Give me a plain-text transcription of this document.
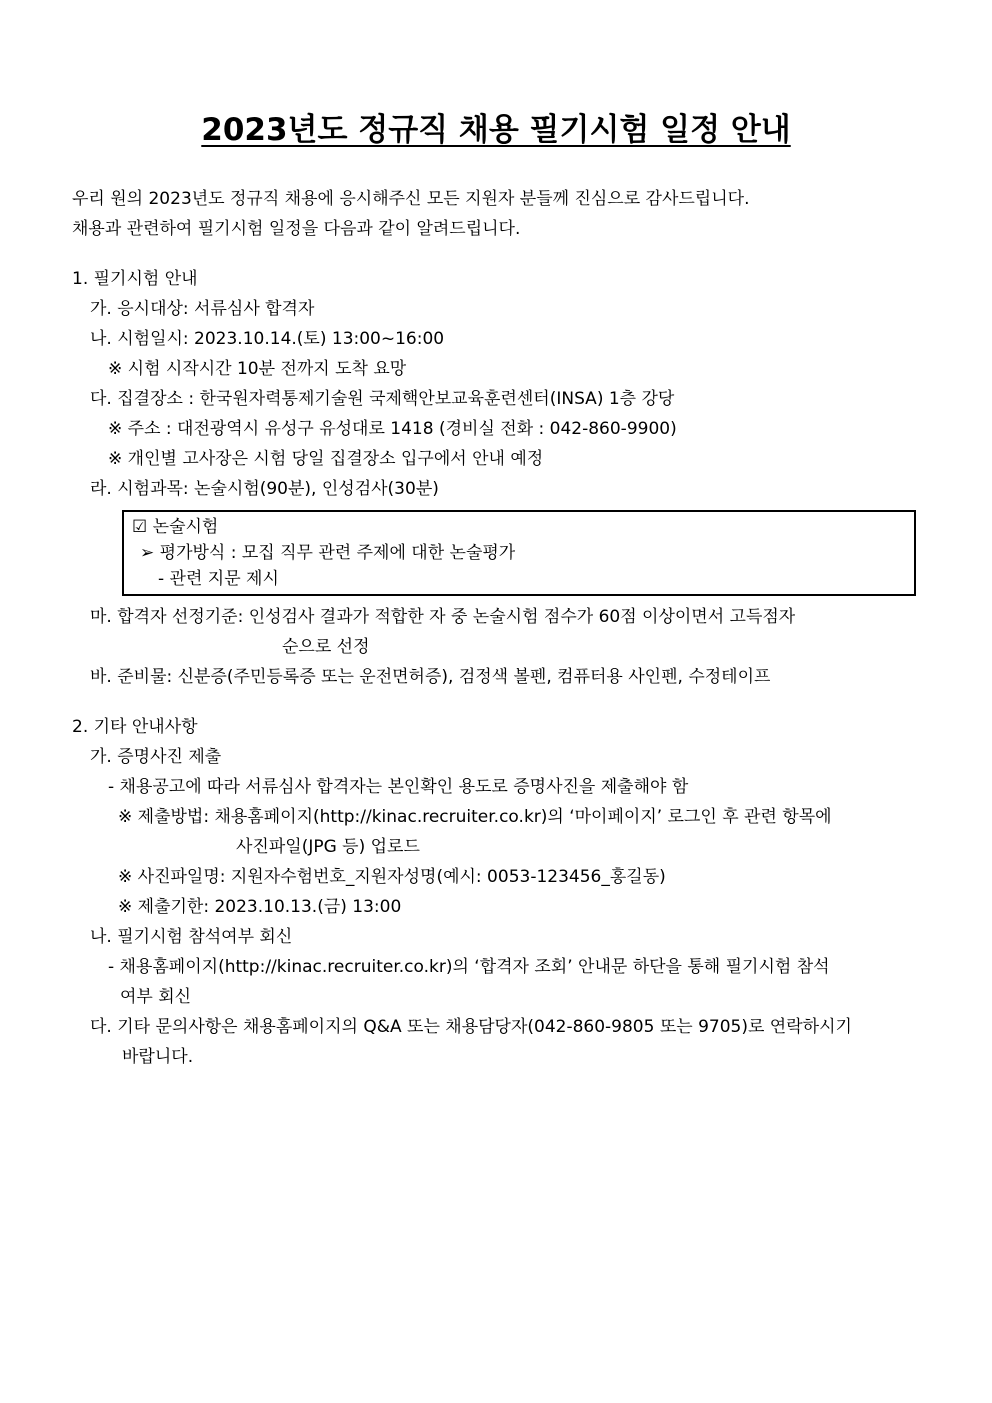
2023년도 정규직 채용 필기시험 일정 안내
우리 원의 2023년도 정규직 채용에 응시해주신 모든 지원자 분들께 진심으로 감사드립니다.
채용과 관련하여 필기시험 일정을 다음과 같이 알려드립니다.
1. 필기시험 안내
가. 응시대상: 서류심사 합격자
나. 시험일시: 2023.10.14.(토) 13:00~16:00
※ 시험 시작시간 10분 전까지 도착 요망
다. 집결장소 : 한국원자력통제기술원 국제핵안보교육훈련센터(INSA) 1층 강당
※ 주소 : 대전광역시 유성구 유성대로 1418 (경비실 전화 : 042-860-9900)
※ 개인별 고사장은 시험 당일 집결장소 입구에서 안내 예정
라. 시험과목: 논술시험(90분), 인성검사(30분)
☑ 논술시험
➢ 평가방식 : 모집 직무 관련 주제에 대한 논술평가
- 관련 지문 제시
마. 합격자 선정기준: 인성검사 결과가 적합한 자 중 논술시험 점수가 60점 이상이면서 고득점자
순으로 선정
바. 준비물: 신분증(주민등록증 또는 운전면허증), 검정색 볼펜, 컴퓨터용 사인펜, 수정테이프
2. 기타 안내사항
가. 증명사진 제출
- 채용공고에 따라 서류심사 합격자는 본인확인 용도로 증명사진을 제출해야 함
※ 제출방법: 채용홈페이지(http://kinac.recruiter.co.kr)의 ‘마이페이지’ 로그인 후 관련 항목에
사진파일(JPG 등) 업로드
※ 사진파일명: 지원자수험번호_지원자성명(예시: 0053-123456_홍길동)
※ 제출기한: 2023.10.13.(금) 13:00
나. 필기시험 참석여부 회신
- 채용홈페이지(http://kinac.recruiter.co.kr)의 ‘합격자 조회’ 안내문 하단을 통해 필기시험 참석
여부 회신
다. 기타 문의사항은 채용홈페이지의 Q&A 또는 채용담당자(042-860-9805 또는 9705)로 연락하시기
바랍니다.
